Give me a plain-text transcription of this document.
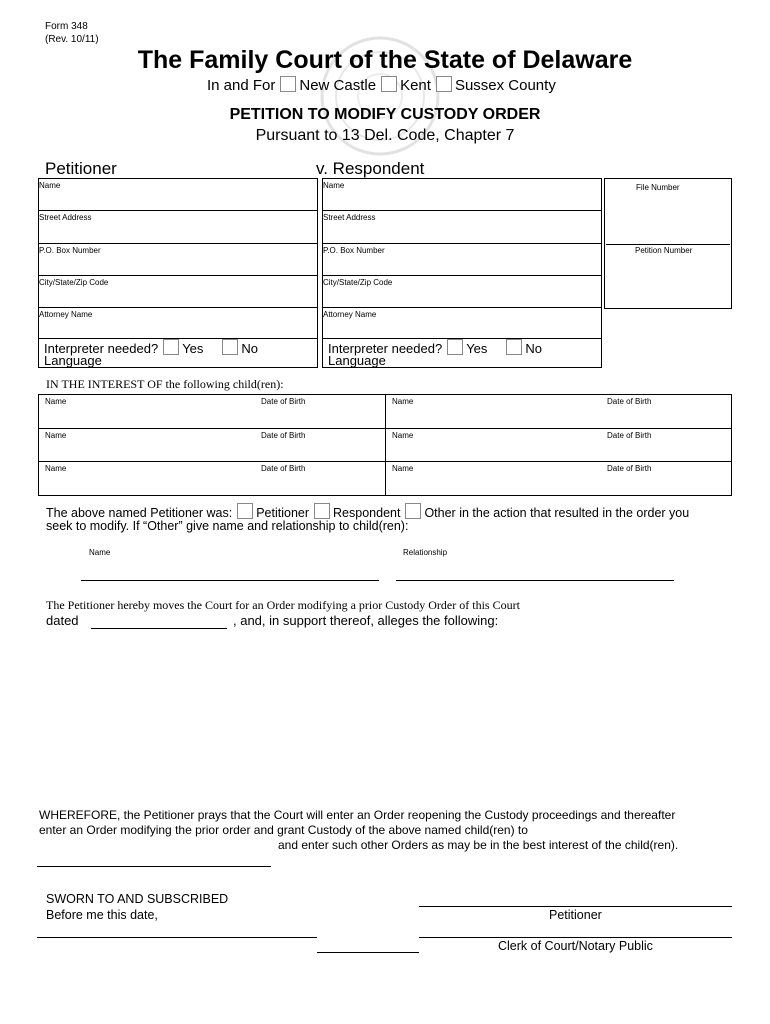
Form 348
(Rev. 10/11)
The Family Court of the State of Delaware
In and For New Castle Kent Sussex County
PETITION TO MODIFY CUSTODY ORDER
Pursuant to 13 Del. Code, Chapter 7
Petitioner	v. Respondent
Name
Street Address
P.O. Box Number
City/State/Zip Code
Attorney Name
Interpreter needed? Yes	No
Language
Name
Street Address
P.O. Box Number
City/State/Zip Code
Attorney Name
Interpreter needed? Yes	No
Language
File Number
Petition Number
IN THE INTEREST OF the following child(ren):
Name	Date of Birth	Name	Date of Birth
Name	Date of Birth	Name	Date of Birth
Name	Date of Birth	Name	Date of Birth
The above named Petitioner was: Petitioner Respondent Other in the action that resulted in the order you
seek to modify. If “Other” give name and relationship to child(ren):
Name	Relationship
The Petitioner hereby moves the Court for an Order modifying a prior Custody Order of this Court
dated	, and, in support thereof, alleges the following:
WHEREFORE, the Petitioner prays that the Court will enter an Order reopening the Custody proceedings and thereafter
enter an Order modifying the prior order and grant Custody of the above named child(ren) to
and enter such other Orders as may be in the best interest of the child(ren).
SWORN TO AND SUBSCRIBED
Before me this date,	Petitioner
Clerk of Court/Notary Public
